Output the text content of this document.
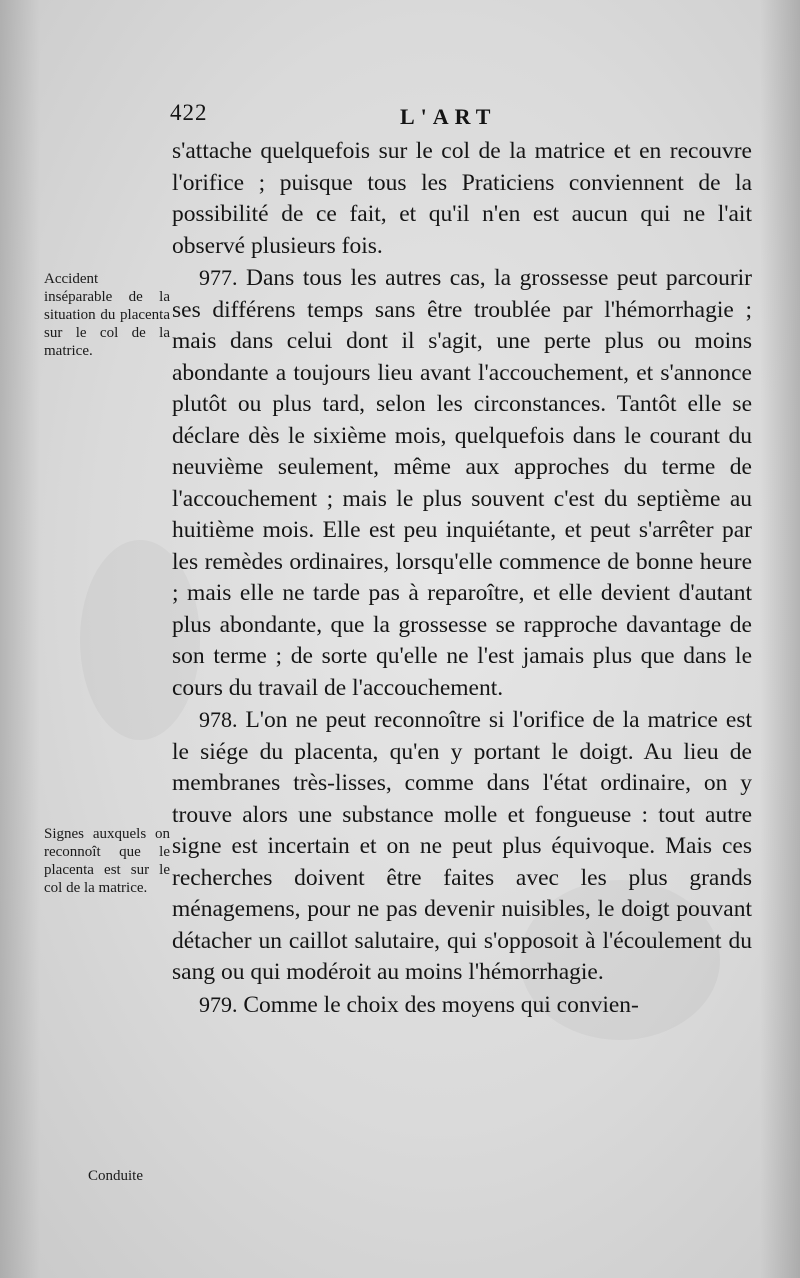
422	L'ART

s'attache quelquefois sur le col de la matrice et en recouvre l'orifice ; puisque tous les Praticiens conviennent de la possibilité de ce fait, et qu'il n'en est aucun qui ne l'ait observé plusieurs fois.

977. Dans tous les autres cas, la grossesse peut parcourir ses différens temps sans être troublée par l'hémorrhagie ; mais dans celui dont il s'agit, une perte plus ou moins abondante a toujours lieu avant l'accouchement, et s'annonce plutôt ou plus tard, selon les circonstances. Tantôt elle se déclare dès le sixième mois, quelquefois dans le courant du neuvième seulement, même aux approches du terme de l'accouchement ; mais le plus souvent c'est du septième au huitième mois. Elle est peu inquiétante, et peut s'arrêter par les remèdes ordinaires, lorsqu'elle commence de bonne heure ; mais elle ne tarde pas à reparoître, et elle devient d'autant plus abondante, que la grossesse se rapproche davantage de son terme ; de sorte qu'elle ne l'est jamais plus que dans le cours du travail de l'accouchement.

978. L'on ne peut reconnoître si l'orifice de la matrice est le siége du placenta, qu'en y portant le doigt. Au lieu de membranes très-lisses, comme dans l'état ordinaire, on y trouve alors une substance molle et fongueuse : tout autre signe est incertain et on ne peut plus équivoque. Mais ces recherches doivent être faites avec les plus grands ménagemens, pour ne pas devenir nuisibles, le doigt pouvant détacher un caillot salutaire, qui s'opposoit à l'écoulement du sang ou qui modéroit au moins l'hémorrhagie.

979. Comme le choix des moyens qui convien-

Accident inséparable de la situation du placenta sur le col de la matrice.
Signes auxquels on reconnoît que le placenta est sur le col de la matrice.
Conduite
